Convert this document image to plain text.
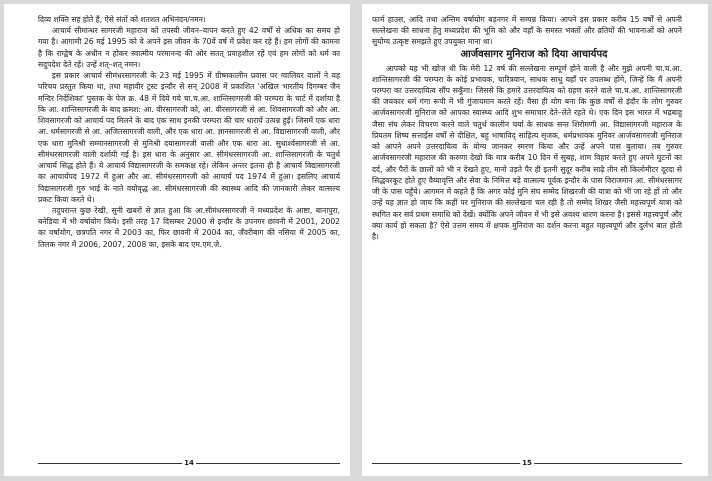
दिव्य शक्ति सह होते हैं, ऐसे संतों को शतशत अभिनंदन/नमन।

आचार्य सीमान्धर सागरजी महाराज को तपस्वी जीवन–यापन करते हुए 42 वर्षों से अधिक का समय हो गया है। आगामी 26 मई 1995 को वे अपने इस जीवन के 70वें वर्ष में प्रवेश कर रहे हैं। हम लोगों की कामना है कि राग्द्वेष के अधीन न होकर स्वात्मीय परमानन्द की ओर सतत् प्रवाहशील रहें एवं हम लोगों को धर्म का सदुपदेश देते रहें। उन्हें शत्–शत् नमन।

इस प्रकार आचार्य सीमंधरसागरजी के 23 मई 1995 में ग्रीष्मकालीन प्रवास पर ग्वालियर वालों ने यह परिचय प्रस्तुत किया था, तथा महावीर ट्रस्ट इन्दौर से सन् 2008 में प्रकाशित 'अखिल भारतीय दिगम्बर जैन मन्दिर निर्देशिका' पुस्तक के पेज क्र. 48 में दिये गये चा.च.आ. शान्तिसागरजी की परम्परा के चार्ट में दर्शाया है कि आ. शान्तिसागरजी के बाद क्रमश: आ. वीरसागरजी को, आ. वीरसागरजी से आ. शिवसागरजी को और आ. शिवसागरजी को आचार्य पद मिलने के बाद एक साथ इनकी परम्परा की चार धारायें उत्पन्न हुईं। जिसमें एक धारा आ. धर्मसागरजी से आ. अजितसागरजी वाली, और एक धारा आ. ज्ञानसागरजी से आ. विद्यासागरजी वाली, और एक धारा मुनिश्री सम्मानसागरजी से मुनिश्री दयासागरजी वाली और एक धारा आ. सुधार्श्वसागरजी से आ. सीमंधरसागरजी वाली दर्शायी गई है। इस धारा के अनुसार आ. सीमंधरसागरजी आ. शान्तिसागरजी के चतुर्थ आचार्य सिद्ध होते हैं। ये आचार्य विद्यासागरजी के समकक्ष रहे। लेकिन अन्तर इतना ही है आचार्य विद्यासागरजी का आचार्यपद 1972 में हुआ और आ. सीमंधरसागरजी को आचार्य पद 1974 में हुआ। इसलिए आचार्य विद्यासागरजी गुरु भाई के नाते वयोवृद्ध आ. सीमंधरसागरजी की स्वास्थ्य आदि की जानकारी लेकर वात्सल्य प्रकट किया करते थे।

तदुपरान्त कुछ रेखी, सुनी खबरों से ज्ञात हुआ कि आ.सीमंधरसागरजी ने मध्यप्रदेश के आष्टा, बानापुरा, बनेडिया में भी वर्षायोग किये। इसी तरह 17 दिसम्बर 2000 से इन्दौर के उपनगर छावनी में 2001, 2002 का वर्षायोग, छत्रपति नगर में 2003 का, फिर छावनी में 2004 का, जँवरीबाग की नसिया में 2005 का, तिलक नगर में 2006, 2007, 2008 का, इसके बाद एम.एम.जे.

14

फार्म हाउस, आदि तथा अन्तिम वर्षायोग बड़नगर में सम्पन्न किया। आपने इस प्रकार करीब 15 वर्षों से अपनी सल्लेखना की साधना हेतु मध्यप्रदेश की भूमि को और वहाँ के समस्त भक्तों और व्रतियों की भावनाओं को अपने सुयोग्य उत्कृष्ट समझते हुए उपयुक्त माना था।

आर्जवसागर मुनिराज को दिया आचार्यपद

आपको यह भी खोज थी कि मेरी 12 वर्ष की सल्लेखना सम्पूर्ण होने वाली है और मुझे अपनी चा.च.आ. शान्तिसागरजी की परम्परा के कोई प्रभावक, चारित्रवान, साधक साधु यहाँ पर उपलब्ध होंगे, जिन्हें कि मैं अपनी परम्परा का उत्तरदायित्व सौंप सकूँगा। जिससे कि हमारे उत्तरदायित्व को ग्रहण करने वाले चा.च.आ. शान्तिसागरजी की जयकार धर्म गंगा रूपी में भी गुंजायमान करते रहें। वैसा ही योग बना कि कुछ वर्षों से इंदौर के लोग गुरुवर आर्जवसागरजी मुनिराज को आपका स्वास्थ्य आदि शुभ समाचार देते–लेते रहते थे। एक दिन इस भारत में भद्रबाहु जैसा संघ लेकर विचरण करने वाले चतुर्थ कालीन चर्या के साधक सन्त शिरोमणी आ. विद्यासागरजी महाराज के प्रियतम शिष्य सत्ताईस वर्षों से दीक्षित, बहु भाषाविद् साहित्य सृजक, धर्मप्रभावक मुनिवर आर्जवसागरजी मुनिराज को आपने अपने उत्तरदायित्व के योग्य जानकर स्मरण किया और उन्हें अपने पास बुलाया। तब गुरुवर आर्जवसागरजी महाराज की करुणा देखो कि मात्र करीब 10 दिन में सुबह, शाम विहार करते हुए अपने घुटनों का दर्द, और पैरों के छालों को भी न देखते हुए, मानो उड़ते पैर ही इतनी सुदूर करीब साढ़े तीन सौ किलोमीटर दूरदा से सिद्धवरकूट होते हुए वैय्यावृत्ति और सेवा के निमित्त बड़े वात्सल्य पूर्वक इन्दौर के पास विराजमान आ. सीमंधरसागर जी के पास पहुँचे। आगमन में कहते हैं कि अगर कोई मुनि संघ सम्मेद शिखरजी की यात्रा को भी जा रहे हों तो और उन्हें यह ज्ञात हो जाय कि कहीं पर मुनिराज की सल्लेखना चल रही है तो सम्मेद शिखर जैसी महत्त्वपूर्ण यात्रा को स्थगित कर सर्व प्रथम समाधि को देखें। क्योंकि अपने जीवन में भी इसे अवश्य धारण करना है। इससे महत्त्वपूर्ण और क्या कार्य हो सकता है? ऐसे उत्तम समय में क्षपक मुनिराज का दर्शन करना बहुत महत्त्वपूर्ण और दुर्लभ बात होती है।

15
